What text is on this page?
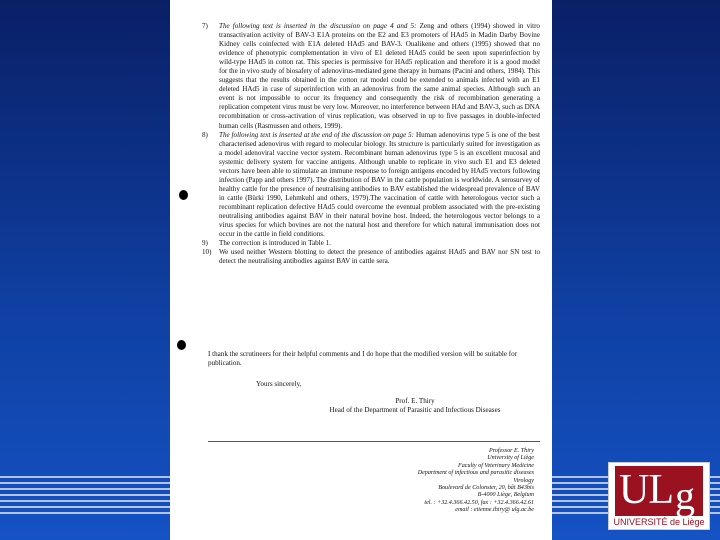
7) The following text is inserted in the discussion on page 4 and 5: Zeng and others (1994) showed in vitro transactivation activity of BAV-3 E1A proteins on the E2 and E3 promoters of HAd5 in Madin Darby Bovine Kidney cells coinfected with E1A deleted HAd5 and BAV-3. Oualikene and others (1995) showed that no evidence of phenotypic complementation in vivo of E1 deleted HAd5 could be seen upon superinfection by wild-type HAd5 in cotton rat. This species is permissive for HAd5 replication and therefore it is a good model for the in vivo study of biosafety of adenovirus-mediated gene therapy in humans (Pacini and others, 1984). This suggests that the results obtained in the cotton rat model could be extended to animals infected with an E1 deleted HAd5 in case of superinfection with an adenovirus from the same animal species. Although such an event is not impossible to occur its frequency and consequently the risk of recombination generating a replication competent virus must be very low. Moreover, no interference between HAd and BAV-3, such as DNA recombination or cross-activation of virus replication, was observed in up to five passages in double-infected human cells (Rasmussen and others, 1999).
8) The following text is inserted at the end of the discussion on page 5: Human adenovirus type 5 is one of the best characterised adenovirus with regard to molecular biology. Its structure is particularly suited for investigation as a model adenoviral vaccine vector system. Recombinant human adenovirus type 5 is an excellent mucosal and systemic delivery system for vaccine antigens. Although unable to replicate in vivo such E1 and E3 deleted vectors have been able to stimulate an immune response to foreign antigens encoded by HAd5 vectors following infection (Papp and others 1997). The distribution of BAV in the cattle population is worldwide. A serosurvey of healthy cattle for the presence of neutralising antibodies to BAV established the widespread prevalence of BAV in cattle (Bürki 1990, Lehmkuhl and others, 1979).The vaccination of cattle with heterologous vector such a recombinant replication defective HAd5 could overcome the eventual problem associated with the pre-existing neutralising antibodies against BAV in their natural bovine host. Indeed, the heterologous vector belongs to a virus species for which bovines are not the natural host and therefore for which natural immunisation does not occur in the cattle in field conditions.
9) The correction is introduced in Table 1.
10) We used neither Western blotting to detect the presence of antibodies against HAd5 and BAV nor SN test to detect the neutralising antibodies against BAV in cattle sera.
I thank the scrutineers for their helpful comments and I do hope that the modified version will be suitable for publication.
Yours sincerely,
Prof. E. Thiry
Head of the Department of Parasitic and Infectious Diseases
Professor E. Thiry
University of Liège
Faculty of Veterinary Medicine
Department of infectious and parasitic diseases
Virology
Boulevard de Colonster, 20, bât B43bis
B-4000 Liège, Belgium
tel. : +32.4.366.42.50, fax : +32.4.366.42.61
email : etienne.thiry@ ulg.ac.be ULg
UNIVERSITÉ de Liège
